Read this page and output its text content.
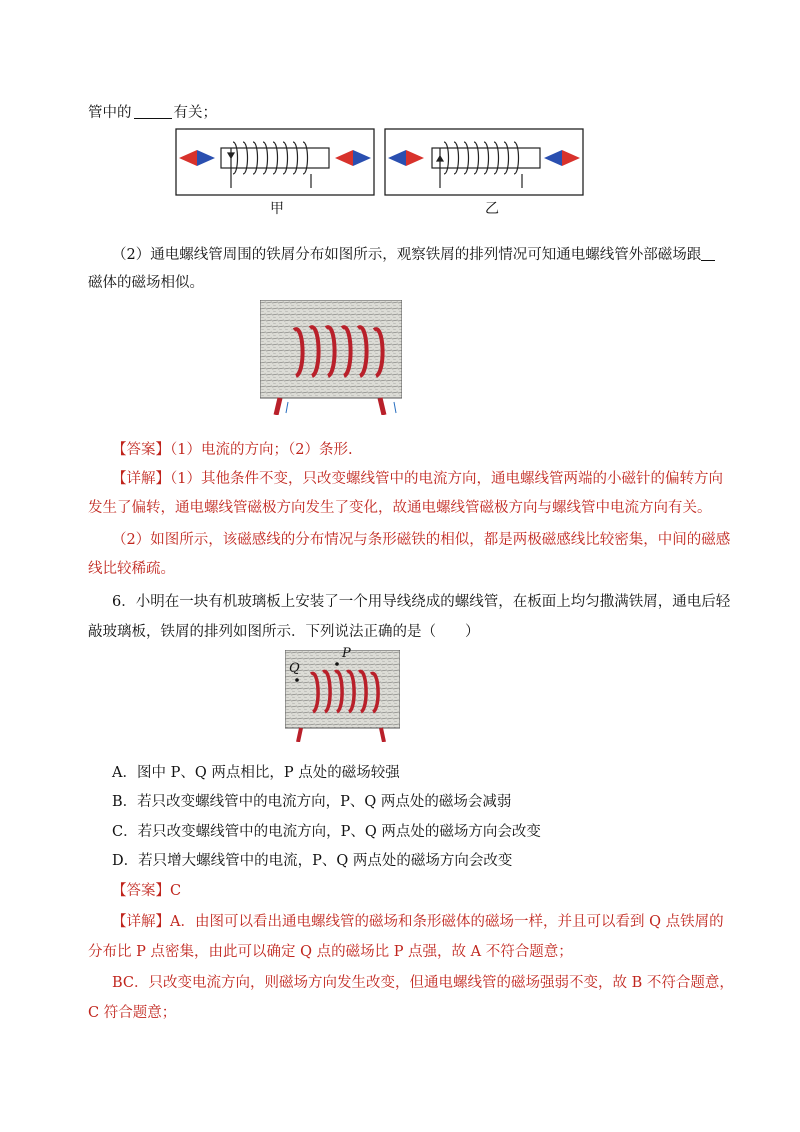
管中的	有关；
甲	乙
（2）通电螺线管周围的铁屑分布如图所示，观察铁屑的排列情况可知通电螺线管外部磁场跟
磁体的磁场相似。
【答案】（1）电流的方向；（2）条形.
【详解】（1）其他条件不变，只改变螺线管中的电流方向，通电螺线管两端的小磁针的偏转方向
发生了偏转，通电螺线管磁极方向发生了变化，故通电螺线管磁极方向与螺线管中电流方向有关。
（2）如图所示，该磁感线的分布情况与条形磁铁的相似，都是两极磁感线比较密集，中间的磁感
线比较稀疏。
6．小明在一块有机玻璃板上安装了一个用导线绕成的螺线管，在板面上均匀撒满铁屑，通电后轻
敲玻璃板，铁屑的排列如图所示．下列说法正确的是（　　）
P
Q
A．图中 P、Q 两点相比，P 点处的磁场较强
B．若只改变螺线管中的电流方向，P、Q 两点处的磁场会减弱
C．若只改变螺线管中的电流方向，P、Q 两点处的磁场方向会改变
D．若只增大螺线管中的电流，P、Q 两点处的磁场方向会改变
【答案】C
【详解】A．由图可以看出通电螺线管的磁场和条形磁体的磁场一样，并且可以看到 Q 点铁屑的
分布比 P 点密集，由此可以确定 Q 点的磁场比 P 点强，故 A 不符合题意；
BC．只改变电流方向，则磁场方向发生改变，但通电螺线管的磁场强弱不变，故 B 不符合题意，
C 符合题意；
